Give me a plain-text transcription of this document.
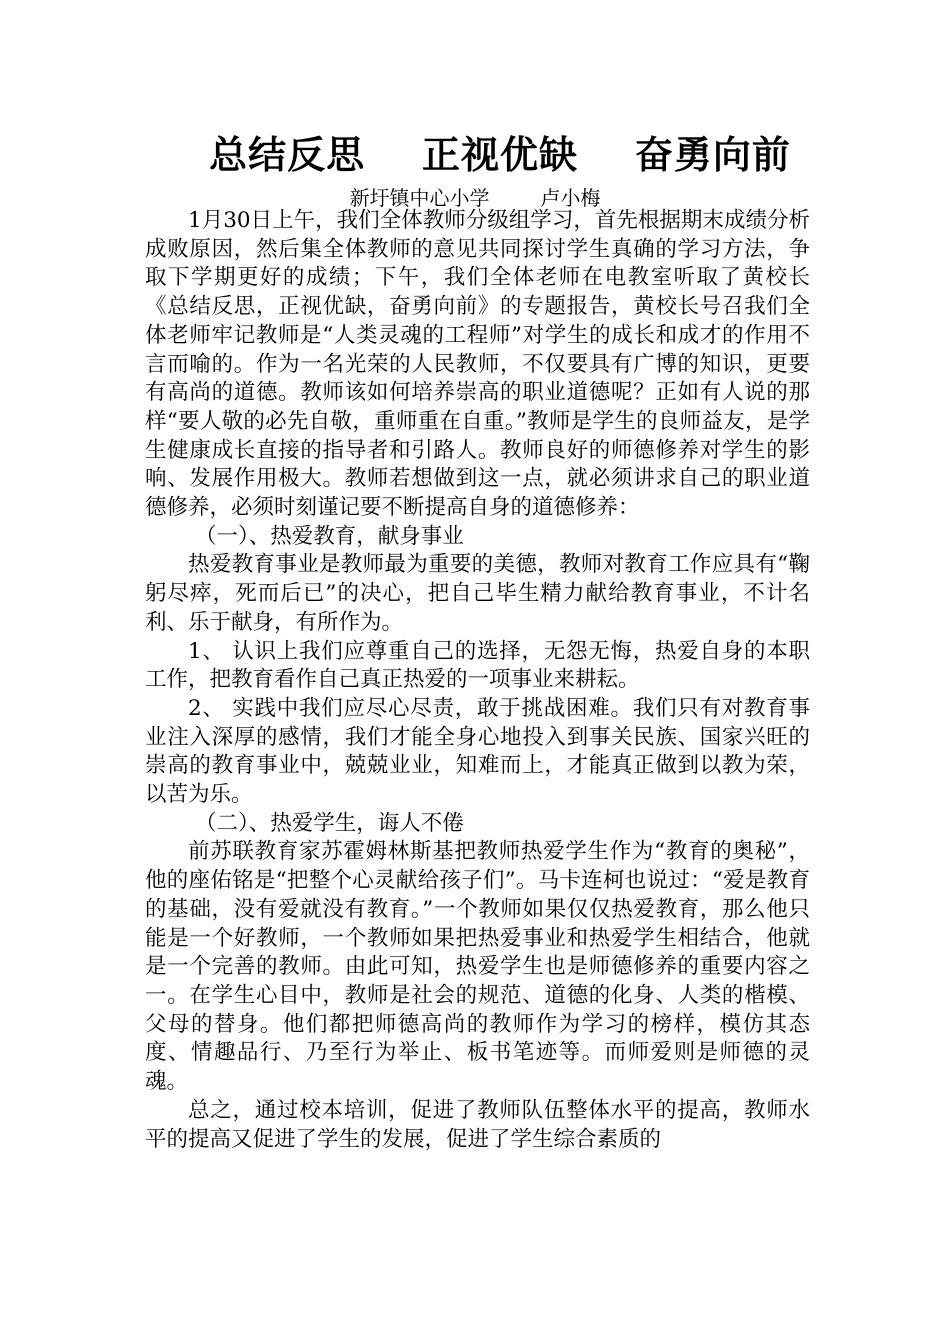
总结反思    正视优缺    奋勇向前
新圩镇中心小学        卢小梅

1月30日上午，我们全体教师分级组学习，首先根据期末成绩分析成败原因，然后集全体教师的意见共同探讨学生真确的学习方法，争取下学期更好的成绩；下午，我们全体老师在电教室听取了黄校长《总结反思，正视优缺，奋勇向前》的专题报告，黄校长号召我们全体老师牢记教师是“人类灵魂的工程师”对学生的成长和成才的作用不言而喻的。作为一名光荣的人民教师，不仅要具有广博的知识，更要有高尚的道德。教师该如何培养崇高的职业道德呢？正如有人说的那样“要人敬的必先自敬，重师重在自重。”教师是学生的良师益友，是学生健康成长直接的指导者和引路人。教师良好的师德修养对学生的影响、发展作用极大。教师若想做到这一点，就必须讲求自己的职业道德修养，必须时刻谨记要不断提高自身的道德修养：

（一）、热爱教育，献身事业

热爱教育事业是教师最为重要的美德，教师对教育工作应具有“鞠躬尽瘁，死而后已”的决心，把自己毕生精力献给教育事业，不计名利、乐于献身，有所作为。

1、 认识上我们应尊重自己的选择，无怨无悔，热爱自身的本职工作，把教育看作自己真正热爱的一项事业来耕耘。

2、 实践中我们应尽心尽责，敢于挑战困难。我们只有对教育事业注入深厚的感情，我们才能全身心地投入到事关民族、国家兴旺的崇高的教育事业中，兢兢业业，知难而上，才能真正做到以教为荣，以苦为乐。

（二）、热爱学生，诲人不倦

前苏联教育家苏霍姆林斯基把教师热爱学生作为“教育的奥秘”，他的座佑铭是“把整个心灵献给孩子们”。马卡连柯也说过：“爱是教育的基础，没有爱就没有教育。”一个教师如果仅仅热爱教育，那么他只能是一个好教师，一个教师如果把热爱事业和热爱学生相结合，他就是一个完善的教师。由此可知，热爱学生也是师德修养的重要内容之一。在学生心目中，教师是社会的规范、道德的化身、人类的楷模、父母的替身。他们都把师德高尚的教师作为学习的榜样，模仿其态度、情趣品行、乃至行为举止、板书笔迹等。而师爱则是师德的灵魂。

总之，通过校本培训，促进了教师队伍整体水平的提高，教师水平的提高又促进了学生的发展，促进了学生综合素质的
